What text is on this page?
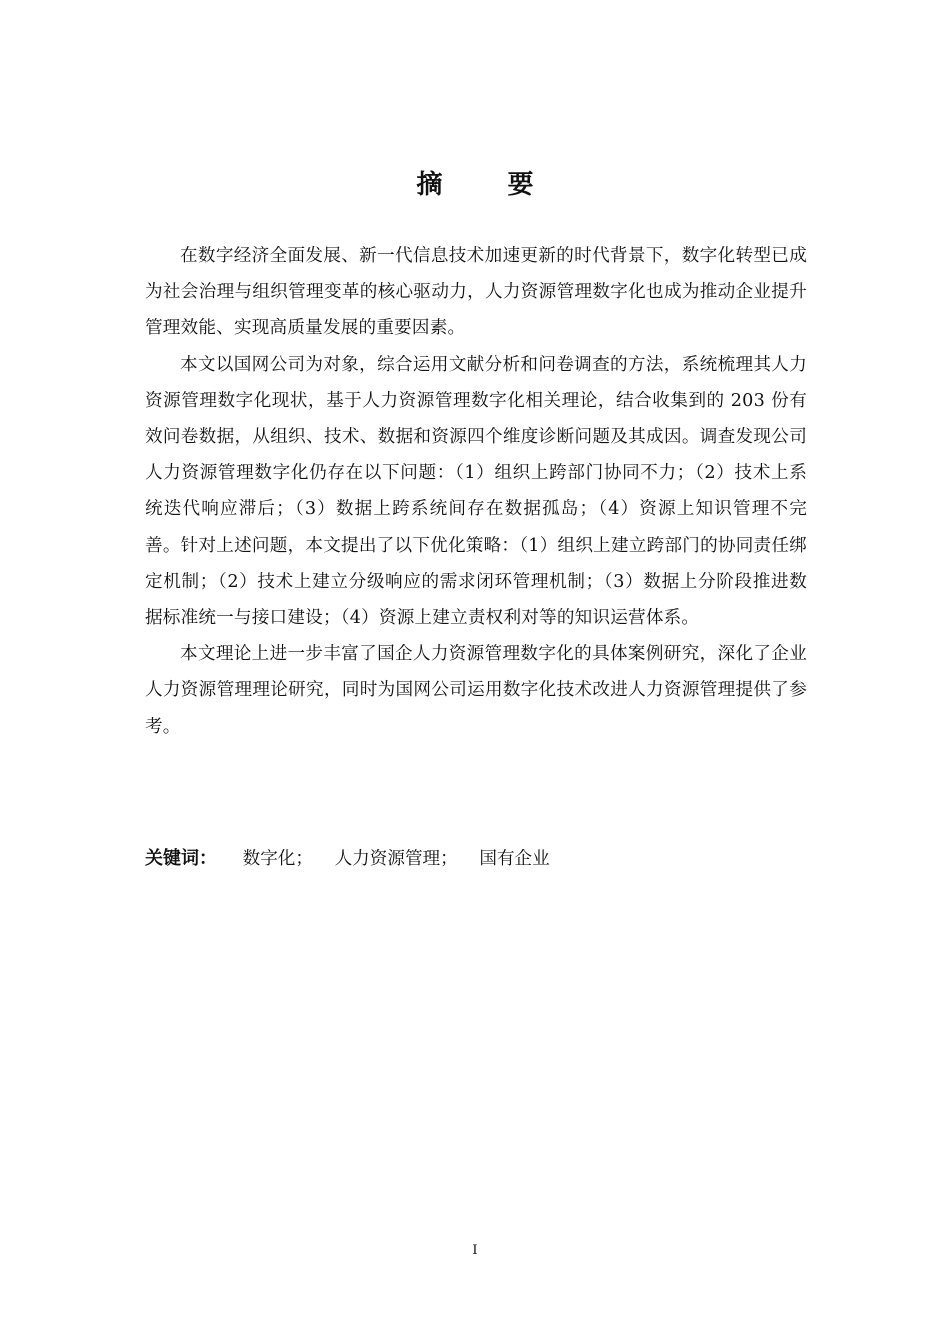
摘 要

在数字经济全面发展、新一代信息技术加速更新的时代背景下，数字化转型已成为社会治理与组织管理变革的核心驱动力，人力资源管理数字化也成为推动企业提升管理效能、实现高质量发展的重要因素。

本文以国网公司为对象，综合运用文献分析和问卷调查的方法，系统梳理其人力资源管理数字化现状，基于人力资源管理数字化相关理论，结合收集到的 203 份有效问卷数据，从组织、技术、数据和资源四个维度诊断问题及其成因。调查发现公司人力资源管理数字化仍存在以下问题：（1）组织上跨部门协同不力；（2）技术上系统迭代响应滞后；（3）数据上跨系统间存在数据孤岛；（4）资源上知识管理不完善。针对上述问题，本文提出了以下优化策略：（1）组织上建立跨部门的协同责任绑定机制；（2）技术上建立分级响应的需求闭环管理机制；（3）数据上分阶段推进数据标准统一与接口建设；（4）资源上建立责权利对等的知识运营体系。

本文理论上进一步丰富了国企人力资源管理数字化的具体案例研究，深化了企业人力资源管理理论研究，同时为国网公司运用数字化技术改进人力资源管理提供了参考。

关键词： 数字化； 人力资源管理； 国有企业
I
